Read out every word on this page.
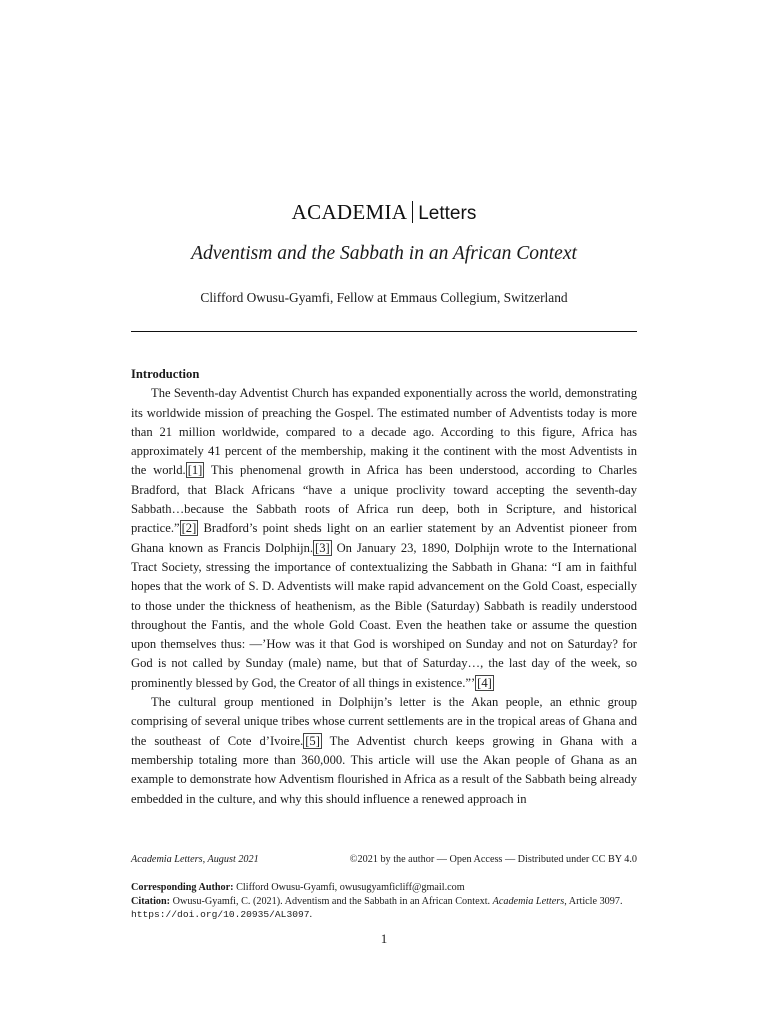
ACADEMIA Letters
Adventism and the Sabbath in an African Context
Clifford Owusu-Gyamfi, Fellow at Emmaus Collegium, Switzerland
Introduction

The Seventh-day Adventist Church has expanded exponentially across the world, demonstrating its worldwide mission of preaching the Gospel. The estimated number of Adventists today is more than 21 million worldwide, compared to a decade ago. According to this figure, Africa has approximately 41 percent of the membership, making it the continent with the most Adventists in the world. [1] This phenomenal growth in Africa has been understood, according to Charles Bradford, that Black Africans “have a unique proclivity toward accepting the seventh-day Sabbath…because the Sabbath roots of Africa run deep, both in Scripture, and historical practice.” [2] Bradford’s point sheds light on an earlier statement by an Adventist pioneer from Ghana known as Francis Dolphijn. [3] On January 23, 1890, Dolphijn wrote to the International Tract Society, stressing the importance of contextualizing the Sabbath in Ghana: “I am in faithful hopes that the work of S. D. Adventists will make rapid advancement on the Gold Coast, especially to those under the thickness of heathenism, as the Bible (Saturday) Sabbath is readily understood throughout the Fantis, and the whole Gold Coast. Even the heathen take or assume the question upon themselves thus: —’How was it that God is worshiped on Sunday and not on Saturday? for God is not called by Sunday (male) name, but that of Saturday…, the last day of the week, so prominently blessed by God, the Creator of all things in existence.”’ [4]

The cultural group mentioned in Dolphijn’s letter is the Akan people, an ethnic group comprising of several unique tribes whose current settlements are in the tropical areas of Ghana and the southeast of Cote d’Ivoire. [5] The Adventist church keeps growing in Ghana with a membership totaling more than 360,000. This article will use the Akan people of Ghana as an example to demonstrate how Adventism flourished in Africa as a result of the Sabbath being already embedded in the culture, and why this should influence a renewed approach in

Academia Letters, August 2021	©2021 by the author — Open Access — Distributed under CC BY 4.0
Corresponding Author: Clifford Owusu-Gyamfi, owusugyamficliff@gmail.com
Citation: Owusu-Gyamfi, C. (2021). Adventism and the Sabbath in an African Context. Academia Letters, Article 3097. https://doi.org/10.20935/AL3097.
1
